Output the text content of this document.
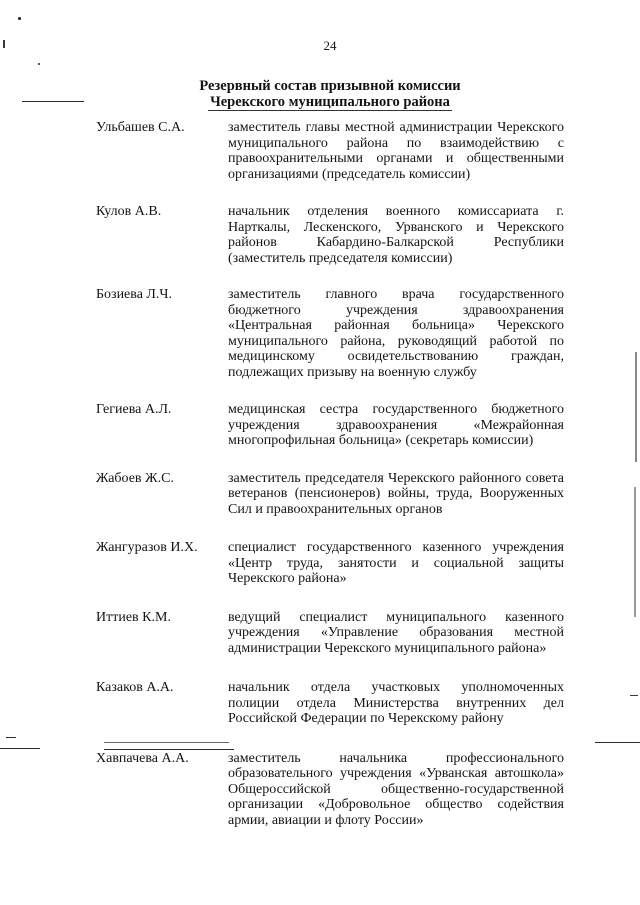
24
Резервный состав призывной комиссии
Черекского муниципального района
Ульбашев С.А.	заместитель главы местной администрации Черекского муниципального района по взаимодействию с правоохранительными органами и общественными организациями (председатель комиссии)
Кулов А.В.	начальник отделения военного комиссариата г. Нарткалы, Лескенского, Урванского и Черекского районов Кабардино-Балкарской Республики (заместитель председателя комиссии)
Бозиева Л.Ч.	заместитель главного врача государственного бюджетного учреждения здравоохранения «Центральная районная больница» Черекского муниципального района, руководящий работой по медицинскому освидетельствованию граждан, подлежащих призыву на военную службу
Гегиева А.Л.	медицинская сестра государственного бюджетного учреждения здравоохранения «Межрайонная многопрофильная больница» (секретарь комиссии)
Жабоев Ж.С.	заместитель председателя Черекского районного совета ветеранов (пенсионеров) войны, труда, Вооруженных Сил и правоохранительных органов
Жангуразов И.Х.	специалист государственного казенного учреждения «Центр труда, занятости и социальной защиты Черекского района»
Иттиев К.М.	ведущий специалист муниципального казенного учреждения «Управление образования местной администрации Черекского муниципального района»
Казаков А.А.	начальник отдела участковых уполномоченных полиции отдела Министерства внутренних дел Российской Федерации по Черекскому району
Хавпачева А.А.	заместитель начальника профессионального образовательного учреждения «Урванская автошкола» Общероссийской общественно-государственной организации «Добровольное общество содействия армии, авиации и флоту России»
